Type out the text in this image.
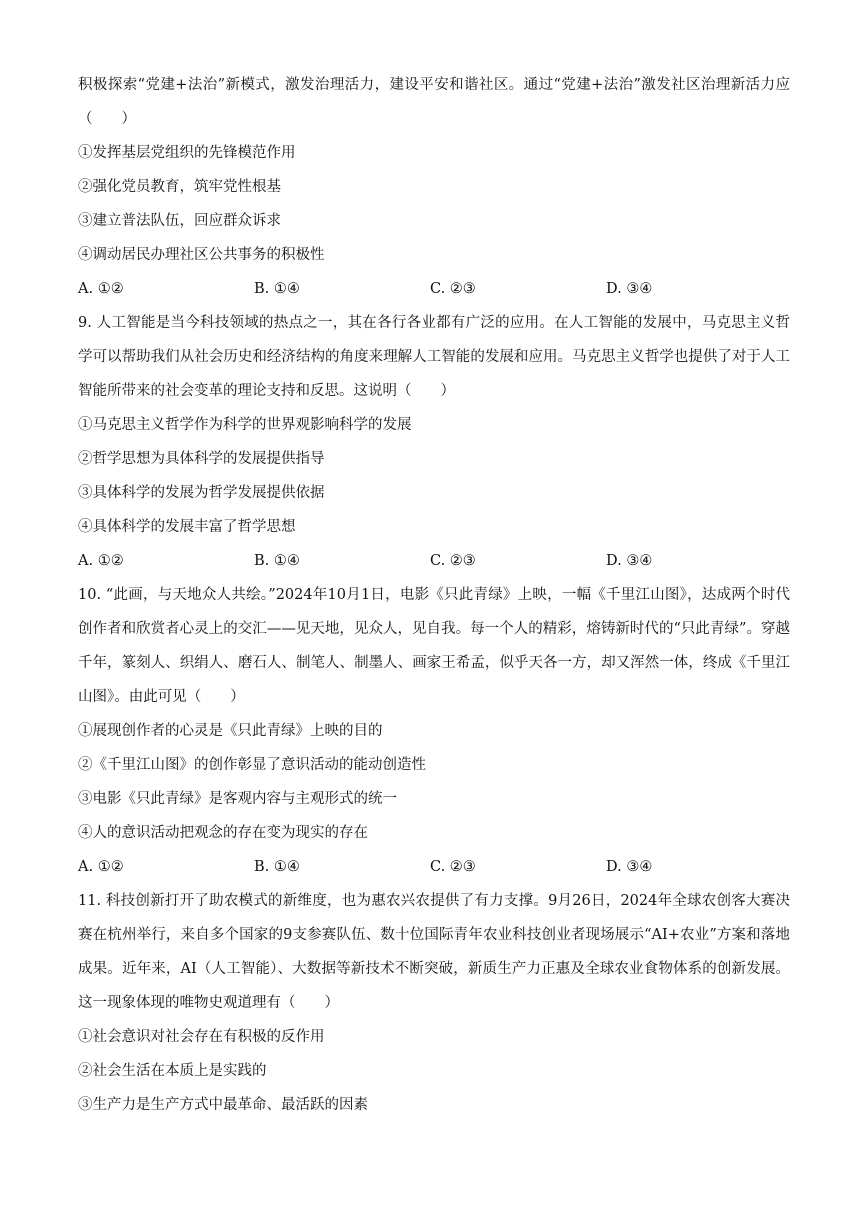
积极探索“党建+法治”新模式，激发治理活力，建设平安和谐社区。通过“党建+法治”激发社区治理新活力应（　　）
①发挥基层党组织的先锋模范作用
②强化党员教育，筑牢党性根基
③建立普法队伍，回应群众诉求
④调动居民办理社区公共事务的积极性
A. ①②	B. ①④	C. ②③	D. ③④
9. 人工智能是当今科技领域的热点之一，其在各行各业都有广泛的应用。在人工智能的发展中，马克思主义哲学可以帮助我们从社会历史和经济结构的角度来理解人工智能的发展和应用。马克思主义哲学也提供了对于人工智能所带来的社会变革的理论支持和反思。这说明（　　）
①马克思主义哲学作为科学的世界观影响科学的发展
②哲学思想为具体科学的发展提供指导
③具体科学的发展为哲学发展提供依据
④具体科学的发展丰富了哲学思想
A. ①②	B. ①④	C. ②③	D. ③④
10. “此画，与天地众人共绘。”2024年10月1日，电影《只此青绿》上映，一幅《千里江山图》，达成两个时代创作者和欣赏者心灵上的交汇——见天地，见众人，见自我。每一个人的精彩，熔铸新时代的“只此青绿”。穿越千年，篆刻人、织绢人、磨石人、制笔人、制墨人、画家王希孟，似乎天各一方，却又浑然一体，终成《千里江山图》。由此可见（　　）
①展现创作者的心灵是《只此青绿》上映的目的
②《千里江山图》的创作彰显了意识活动的能动创造性
③电影《只此青绿》是客观内容与主观形式的统一
④人的意识活动把观念的存在变为现实的存在
A. ①②	B. ①④	C. ②③	D. ③④
11. 科技创新打开了助农模式的新维度，也为惠农兴农提供了有力支撑。9月26日，2024年全球农创客大赛决赛在杭州举行，来自多个国家的9支参赛队伍、数十位国际青年农业科技创业者现场展示“AI+农业”方案和落地成果。近年来，AI（人工智能）、大数据等新技术不断突破，新质生产力正惠及全球农业食物体系的创新发展。这一现象体现的唯物史观道理有（　　）
①社会意识对社会存在有积极的反作用
②社会生活在本质上是实践的
③生产力是生产方式中最革命、最活跃的因素
